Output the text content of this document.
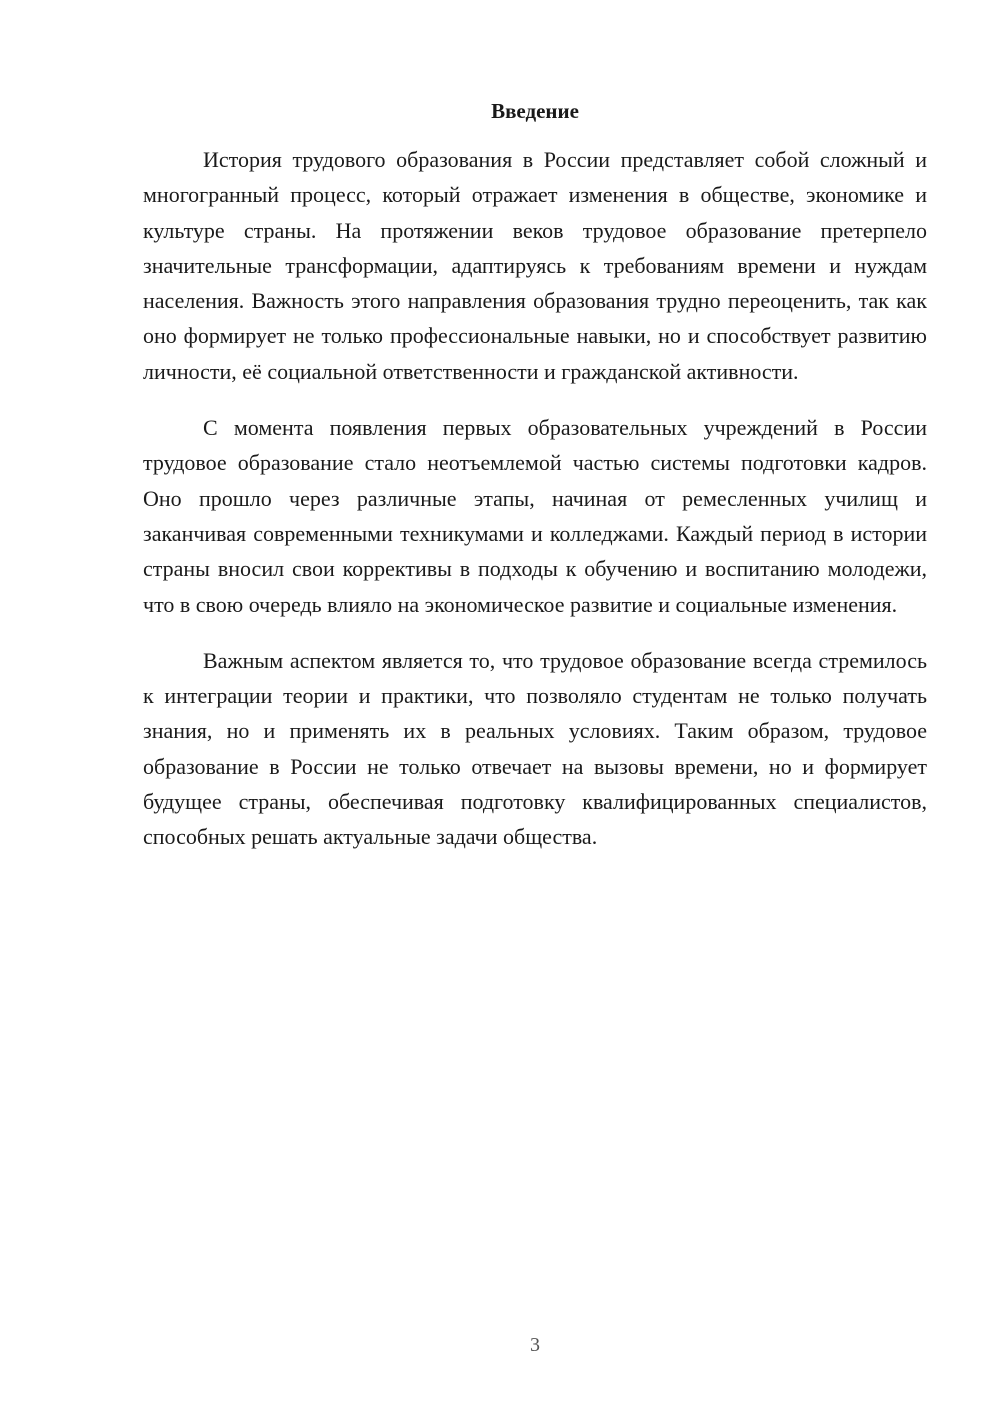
Введение

История трудового образования в России представляет собой сложный и многогранный процесс, который отражает изменения в обществе, экономике и культуре страны. На протяжении веков трудовое образование претерпело значительные трансформации, адаптируясь к требованиям времени и нуждам населения. Важность этого направления образования трудно переоценить, так как оно формирует не только профессиональные навыки, но и способствует развитию личности, её социальной ответственности и гражданской активности.

С момента появления первых образовательных учреждений в России трудовое образование стало неотъемлемой частью системы подготовки кадров. Оно прошло через различные этапы, начиная от ремесленных училищ и заканчивая современными техникумами и колледжами. Каждый период в истории страны вносил свои коррективы в подходы к обучению и воспитанию молодежи, что в свою очередь влияло на экономическое развитие и социальные изменения.

Важным аспектом является то, что трудовое образование всегда стремилось к интеграции теории и практики, что позволяло студентам не только получать знания, но и применять их в реальных условиях. Таким образом, трудовое образование в России не только отвечает на вызовы времени, но и формирует будущее страны, обеспечивая подготовку квалифицированных специалистов, способных решать актуальные задачи общества.

3
